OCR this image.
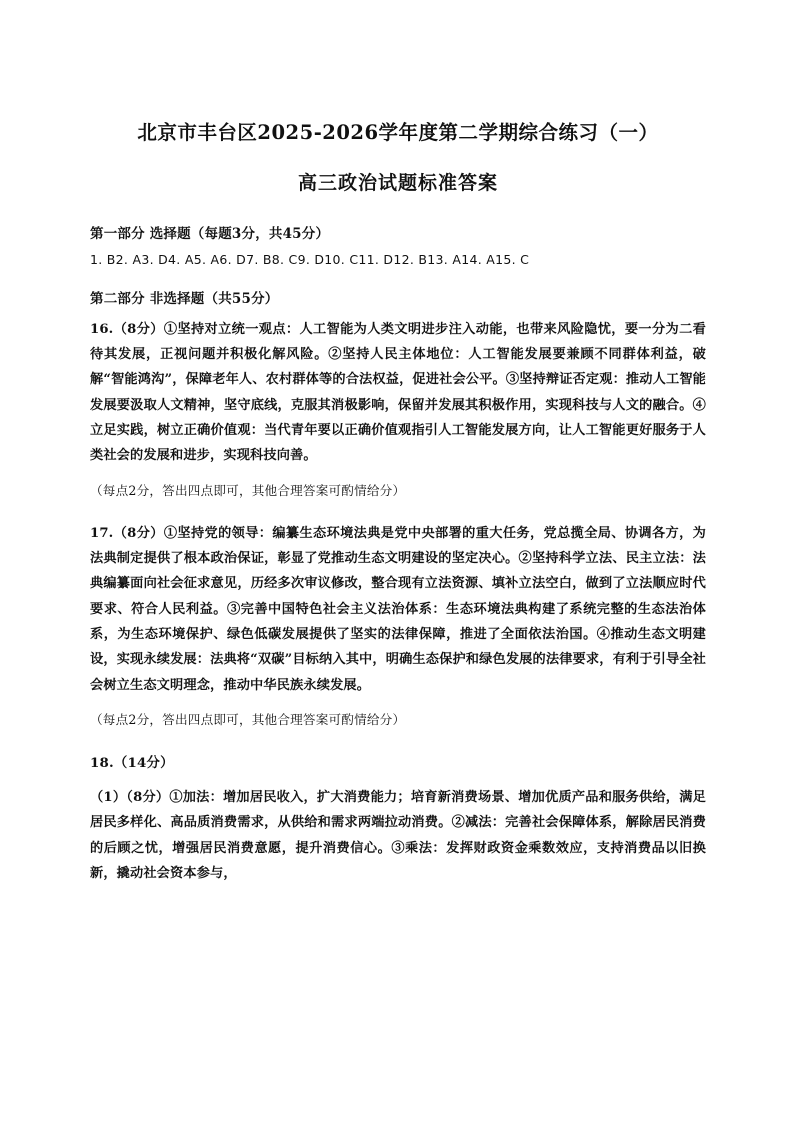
北京市丰台区2025-2026学年度第二学期综合练习（一）
高三政治试题标准答案
第一部分 选择题（每题3分，共45分）
1. B2. A3. D4. A5. A6. D7. B8. C9. D10. C11. D12. B13. A14. A15. C
第二部分 非选择题（共55分）

16.（8分）①坚持对立统一观点：人工智能为人类文明进步注入动能，也带来风险隐忧，要一分为二看待其发展，正视问题并积极化解风险。②坚持人民主体地位：人工智能发展要兼顾不同群体利益，破解“智能鸿沟”，保障老年人、农村群体等的合法权益，促进社会公平。③坚持辩证否定观：推动人工智能发展要汲取人文精神，坚守底线，克服其消极影响，保留并发展其积极作用，实现科技与人文的融合。④立足实践，树立正确价值观：当代青年要以正确价值观指引人工智能发展方向，让人工智能更好服务于人类社会的发展和进步，实现科技向善。

（每点2分，答出四点即可，其他合理答案可酌情给分）

17.（8分）①坚持党的领导：编纂生态环境法典是党中央部署的重大任务，党总揽全局、协调各方，为法典制定提供了根本政治保证，彰显了党推动生态文明建设的坚定决心。②坚持科学立法、民主立法：法典编纂面向社会征求意见，历经多次审议修改，整合现有立法资源、填补立法空白，做到了立法顺应时代要求、符合人民利益。③完善中国特色社会主义法治体系：生态环境法典构建了系统完整的生态法治体系，为生态环境保护、绿色低碳发展提供了坚实的法律保障，推进了全面依法治国。④推动生态文明建设，实现永续发展：法典将“双碳”目标纳入其中，明确生态保护和绿色发展的法律要求，有利于引导全社会树立生态文明理念，推动中华民族永续发展。

（每点2分，答出四点即可，其他合理答案可酌情给分）

18.（14分）

（1）（8分）①加法：增加居民收入，扩大消费能力；培育新消费场景、增加优质产品和服务供给，满足居民多样化、高品质消费需求，从供给和需求两端拉动消费。②减法：完善社会保障体系，解除居民消费的后顾之忧，增强居民消费意愿，提升消费信心。③乘法：发挥财政资金乘数效应，支持消费品以旧换新，撬动社会资本参与，
